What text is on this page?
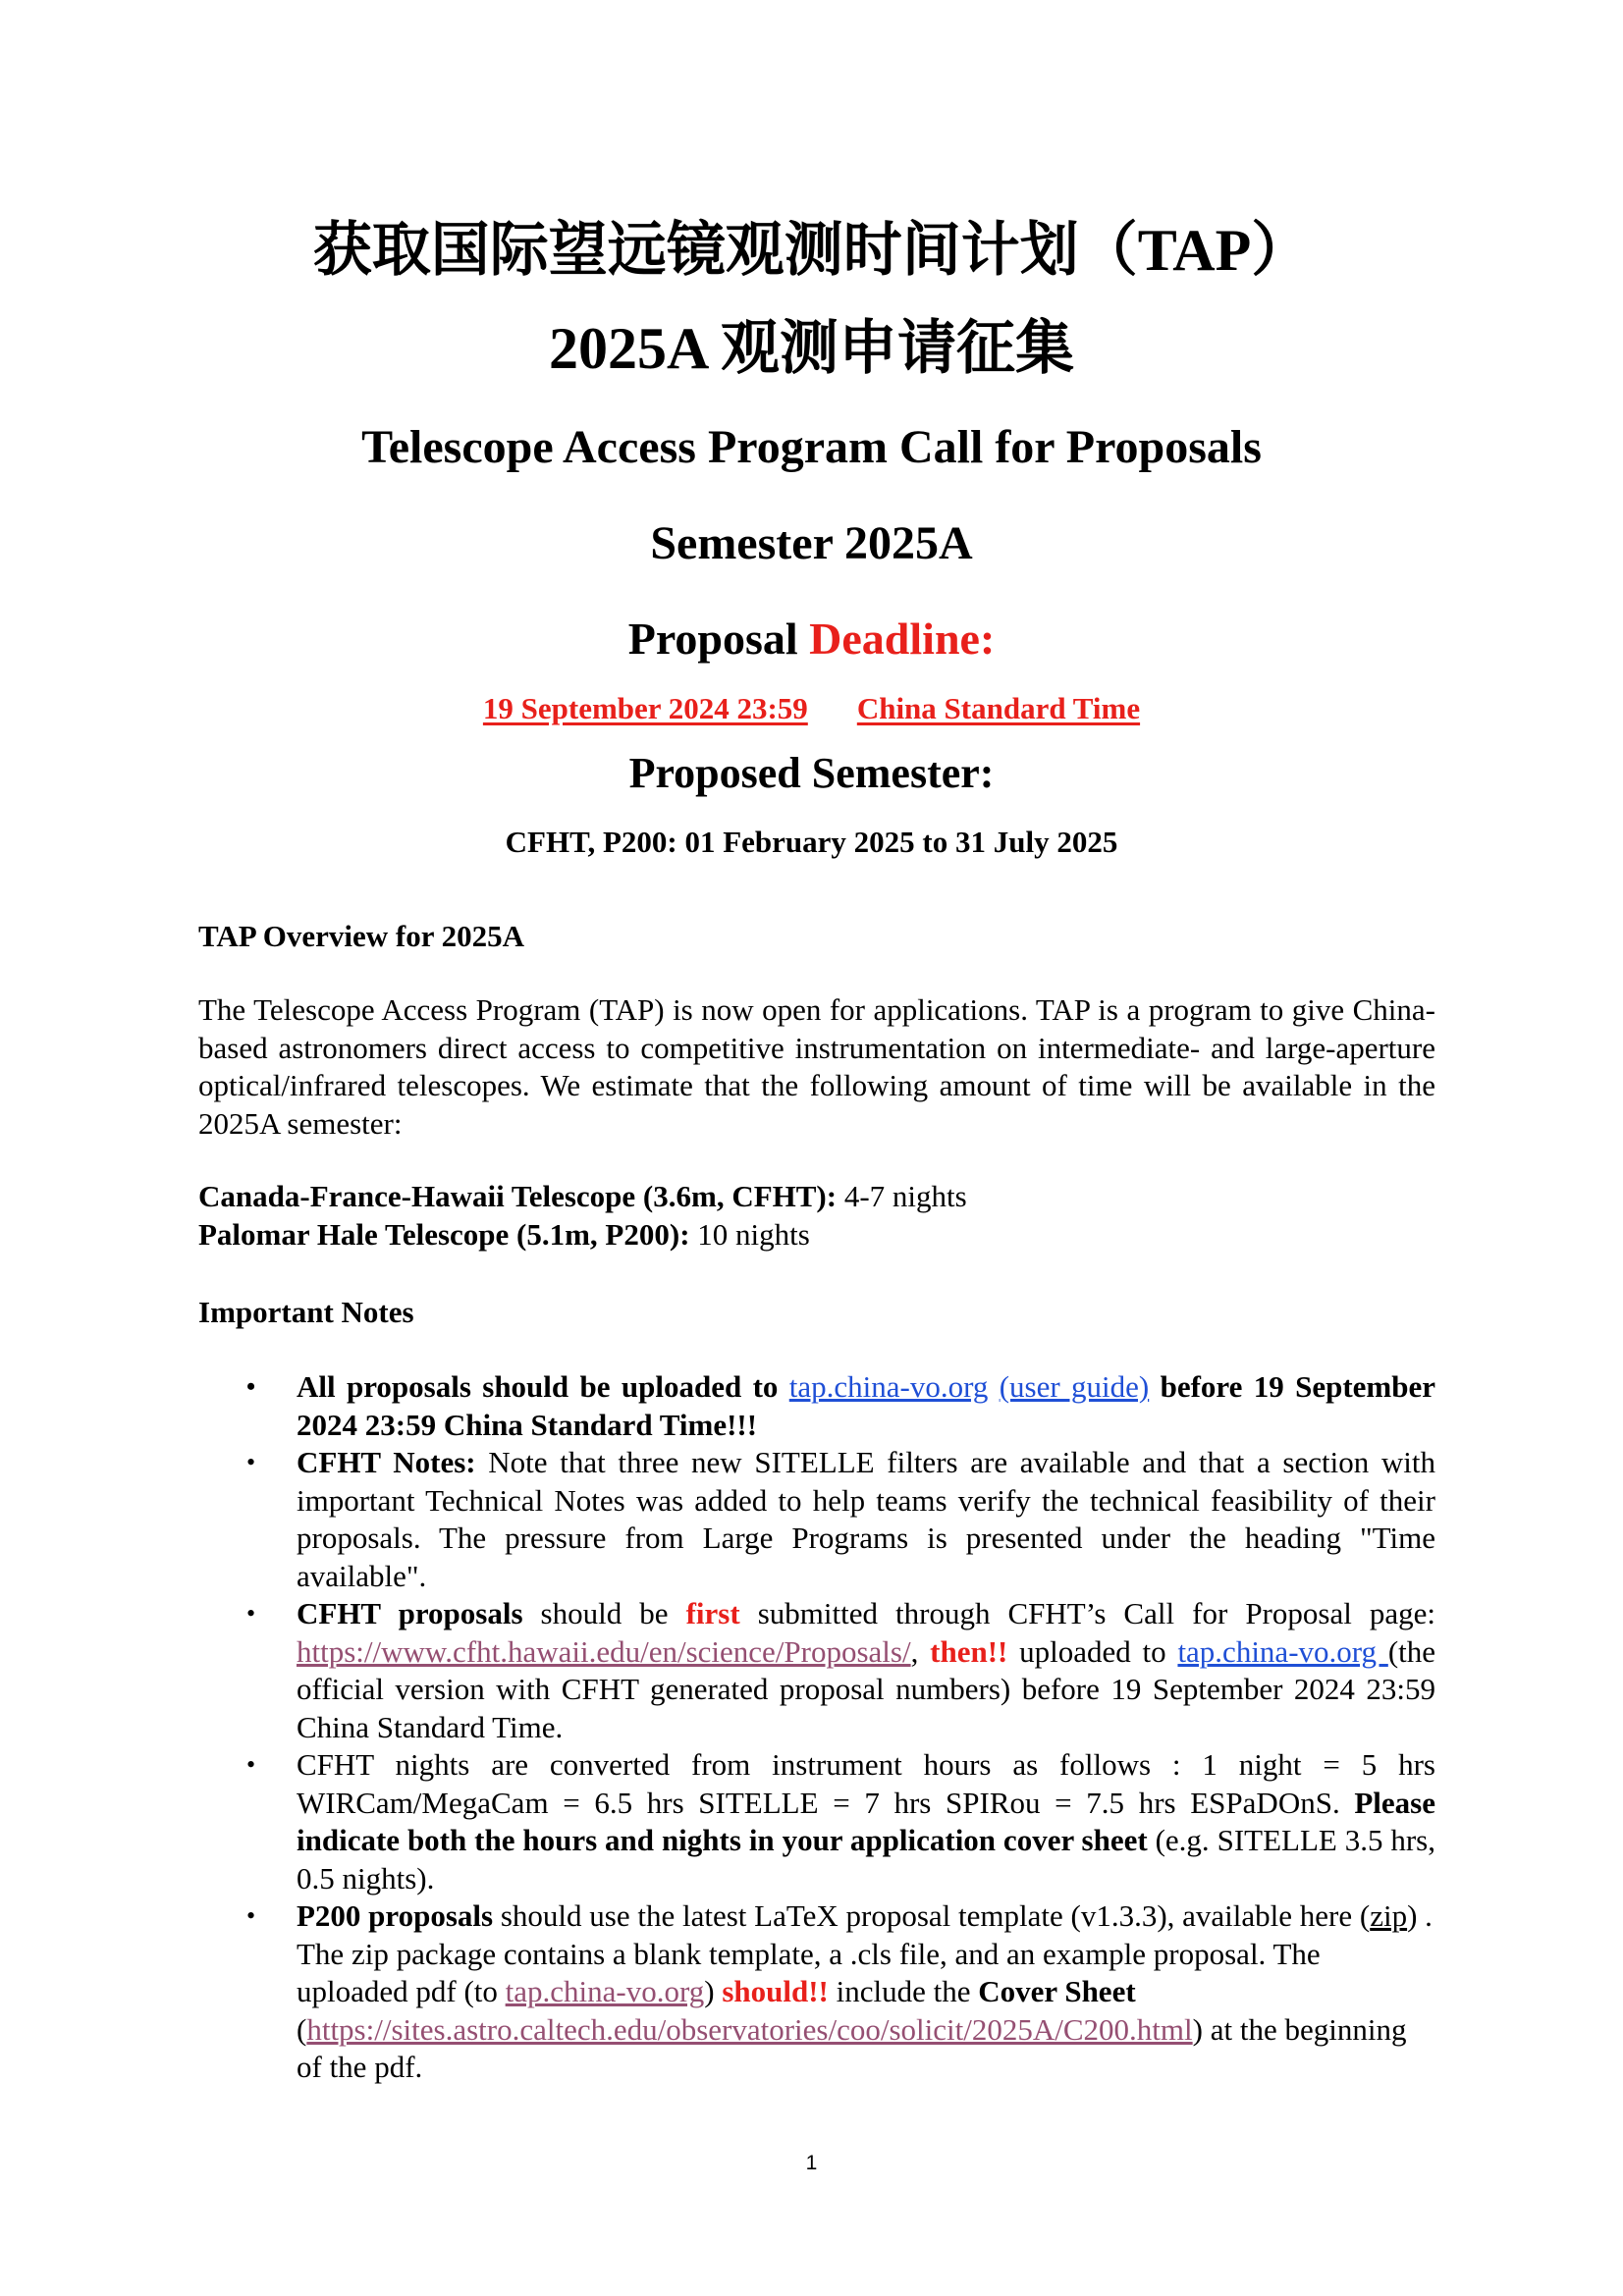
获取国际望远镜观测时间计划（TAP）
2025A 观测申请征集
Telescope Access Program Call for Proposals
Semester 2025A
Proposal Deadline:
19 September 2024 23:59 China Standard Time
Proposed Semester:
CFHT, P200: 01 February 2025 to 31 July 2025
TAP Overview for 2025A
The Telescope Access Program (TAP) is now open for applications. TAP is a program to give China-based astronomers direct access to competitive instrumentation on intermediate- and large-aperture optical/infrared telescopes. We estimate that the following amount of time will be available in the 2025A semester:
Canada-France-Hawaii Telescope (3.6m, CFHT): 4-7 nights
Palomar Hale Telescope (5.1m, P200): 10 nights
Important Notes
• All proposals should be uploaded to tap.china-vo.org (user guide) before 19 September 2024 23:59 China Standard Time!!!
• CFHT Notes: Note that three new SITELLE filters are available and that a section with important Technical Notes was added to help teams verify the technical feasibility of their proposals. The pressure from Large Programs is presented under the heading "Time available".
• CFHT proposals should be first submitted through CFHT’s Call for Proposal page: https://www.cfht.hawaii.edu/en/science/Proposals/, then!! uploaded to tap.china-vo.org (the official version with CFHT generated proposal numbers) before 19 September 2024 23:59 China Standard Time.
• CFHT nights are converted from instrument hours as follows : 1 night = 5 hrs WIRCam/MegaCam = 6.5 hrs SITELLE = 7 hrs SPIRou = 7.5 hrs ESPaDOnS. Please indicate both the hours and nights in your application cover sheet (e.g. SITELLE 3.5 hrs, 0.5 nights).
• P200 proposals should use the latest LaTeX proposal template (v1.3.3), available here (zip) . The zip package contains a blank template, a .cls file, and an example proposal. The uploaded pdf (to tap.china-vo.org) should!! include the Cover Sheet (https://sites.astro.caltech.edu/observatories/coo/solicit/2025A/C200.html) at the beginning of the pdf.
1
